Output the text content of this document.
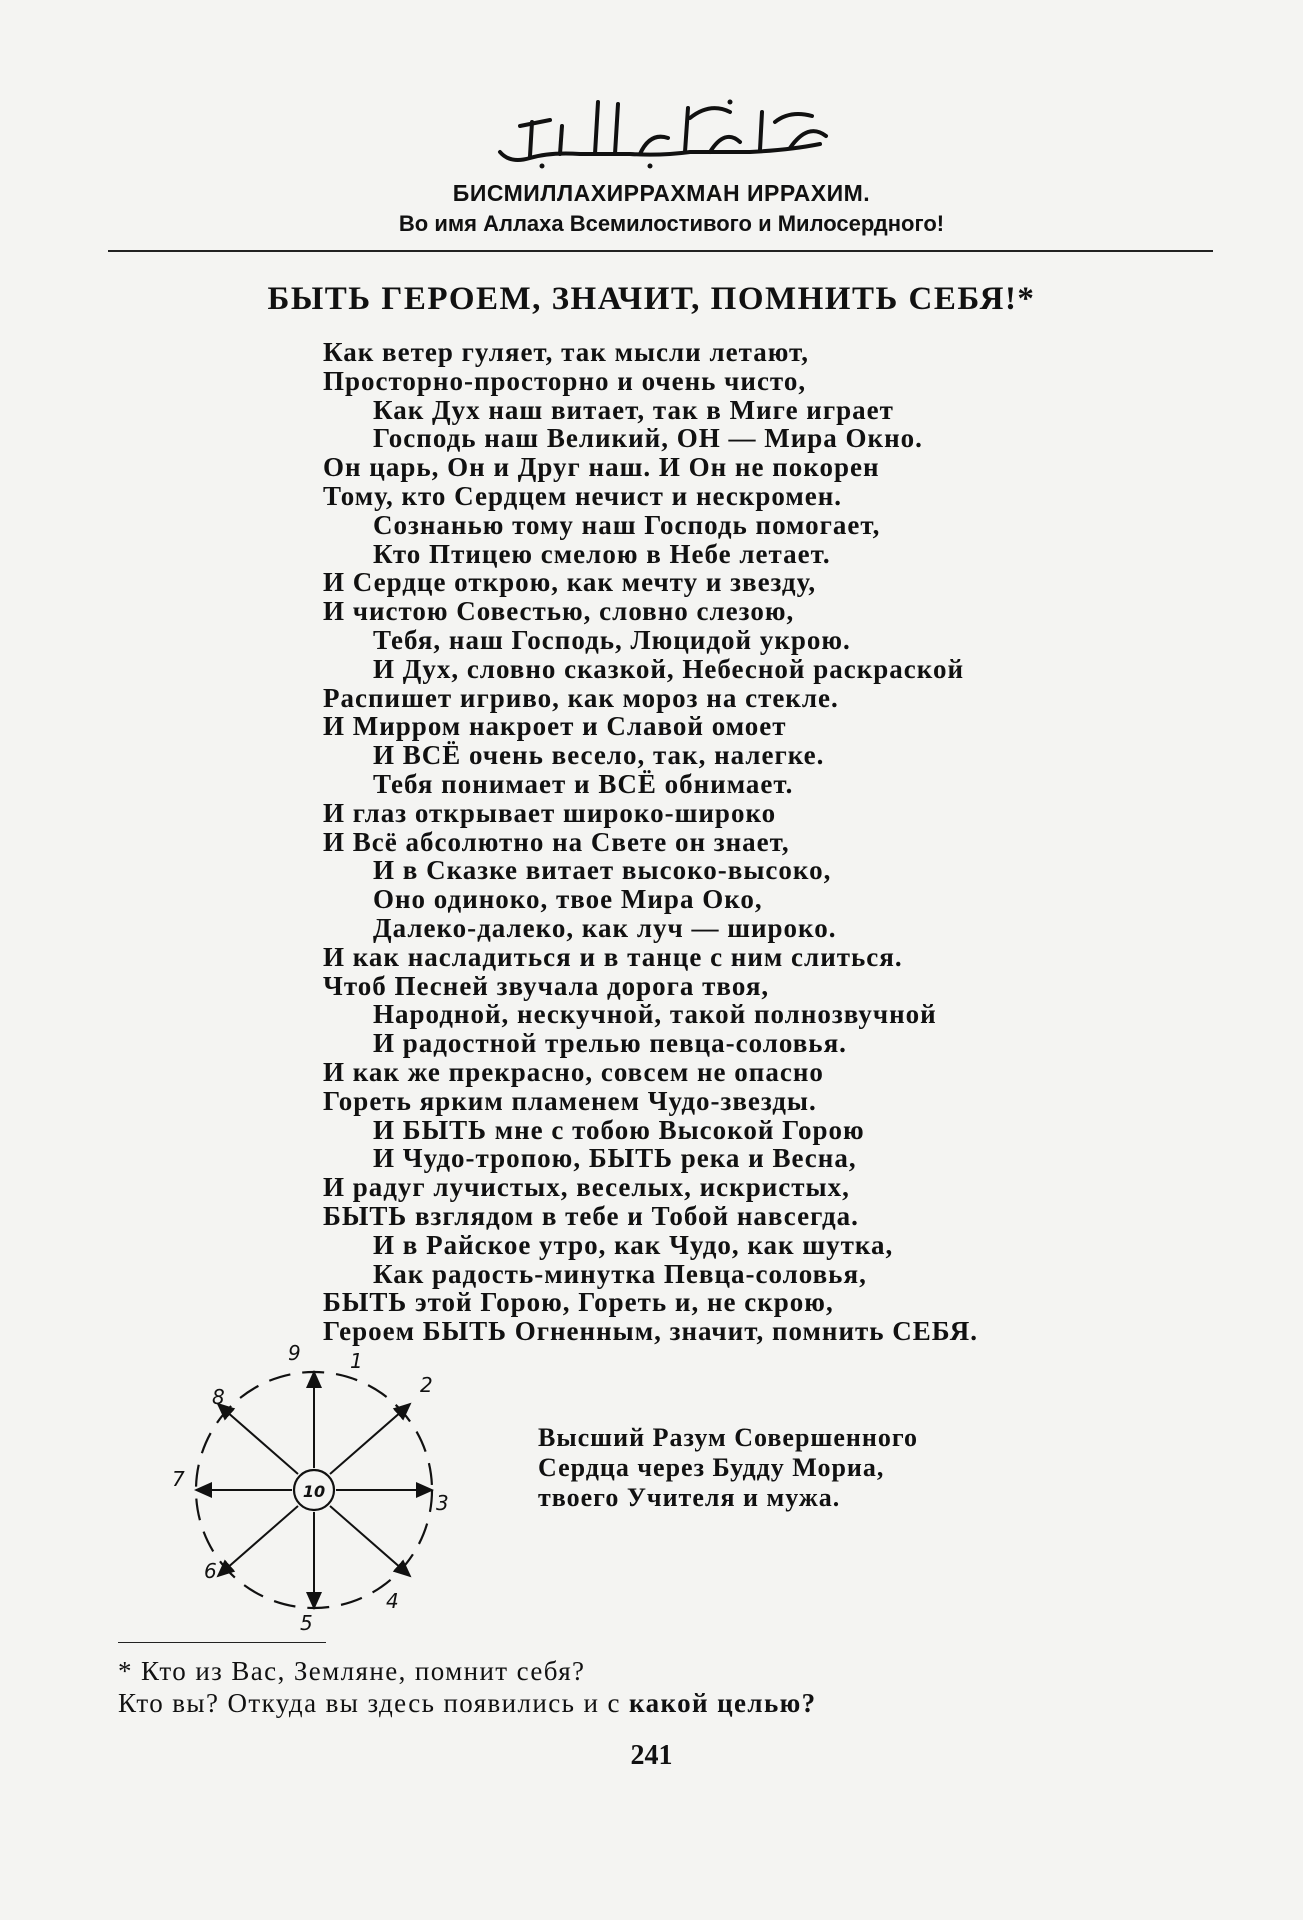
БИСМИЛЛАХИРРАХМАН ИРРАХИМ.
Во имя Аллаха Всемилостивого и Милосердного!
БЫТЬ ГЕРОЕМ, ЗНАЧИТ, ПОМНИТЬ СЕБЯ!*
Как ветер гуляет, так мысли летают,
Просторно-просторно и очень чисто,
Как Дух наш витает, так в Миге играет
Господь наш Великий, ОН — Мира Окно.
Он царь, Он и Друг наш. И Он не покорен
Тому, кто Сердцем нечист и нескромен.
Сознанью тому наш Господь помогает,
Кто Птицею смелою в Небе летает.
И Сердце открою, как мечту и звезду,
И чистою Совестью, словно слезою,
Тебя, наш Господь, Люцидой укрою.
И Дух, словно сказкой, Небесной раскраской
Распишет игриво, как мороз на стекле.
И Мирром накроет и Славой омоет
И ВСЁ очень весело, так, налегке.
Тебя понимает и ВСЁ обнимает.
И глаз открывает широко-широко
И Всё абсолютно на Свете он знает,
И в Сказке витает высоко-высоко,
Оно одиноко, твое Мира Око,
Далеко-далеко, как луч — широко.
И как насладиться и в танце с ним слиться.
Чтоб Песней звучала дорога твоя,
Народной, нескучной, такой полнозвучной
И радостной трелью певца-соловья.
И как же прекрасно, совсем не опасно
Гореть ярким пламенем Чудо-звезды.
И БЫТЬ мне с тобою Высокой Горою
И Чудо-тропою, БЫТЬ река и Весна,
И радуг лучистых, веселых, искристых,
БЫТЬ взглядом в тебе и Тобой навсегда.
И в Райское утро, как Чудо, как шутка,
Как радость-минутка Певца-соловья,
БЫТЬ этой Горою, Гореть и, не скрою,
Героем БЫТЬ Огненным, значит, помнить СЕБЯ.
10
1
2
3
4
5
6
7
8
9
Высший Разум Совершенного
Сердца через Будду Мориа,
твоего Учителя и мужа.
* Кто из Вас, Земляне, помнит себя?
Кто вы? Откуда вы здесь появились и с какой целью?
241
